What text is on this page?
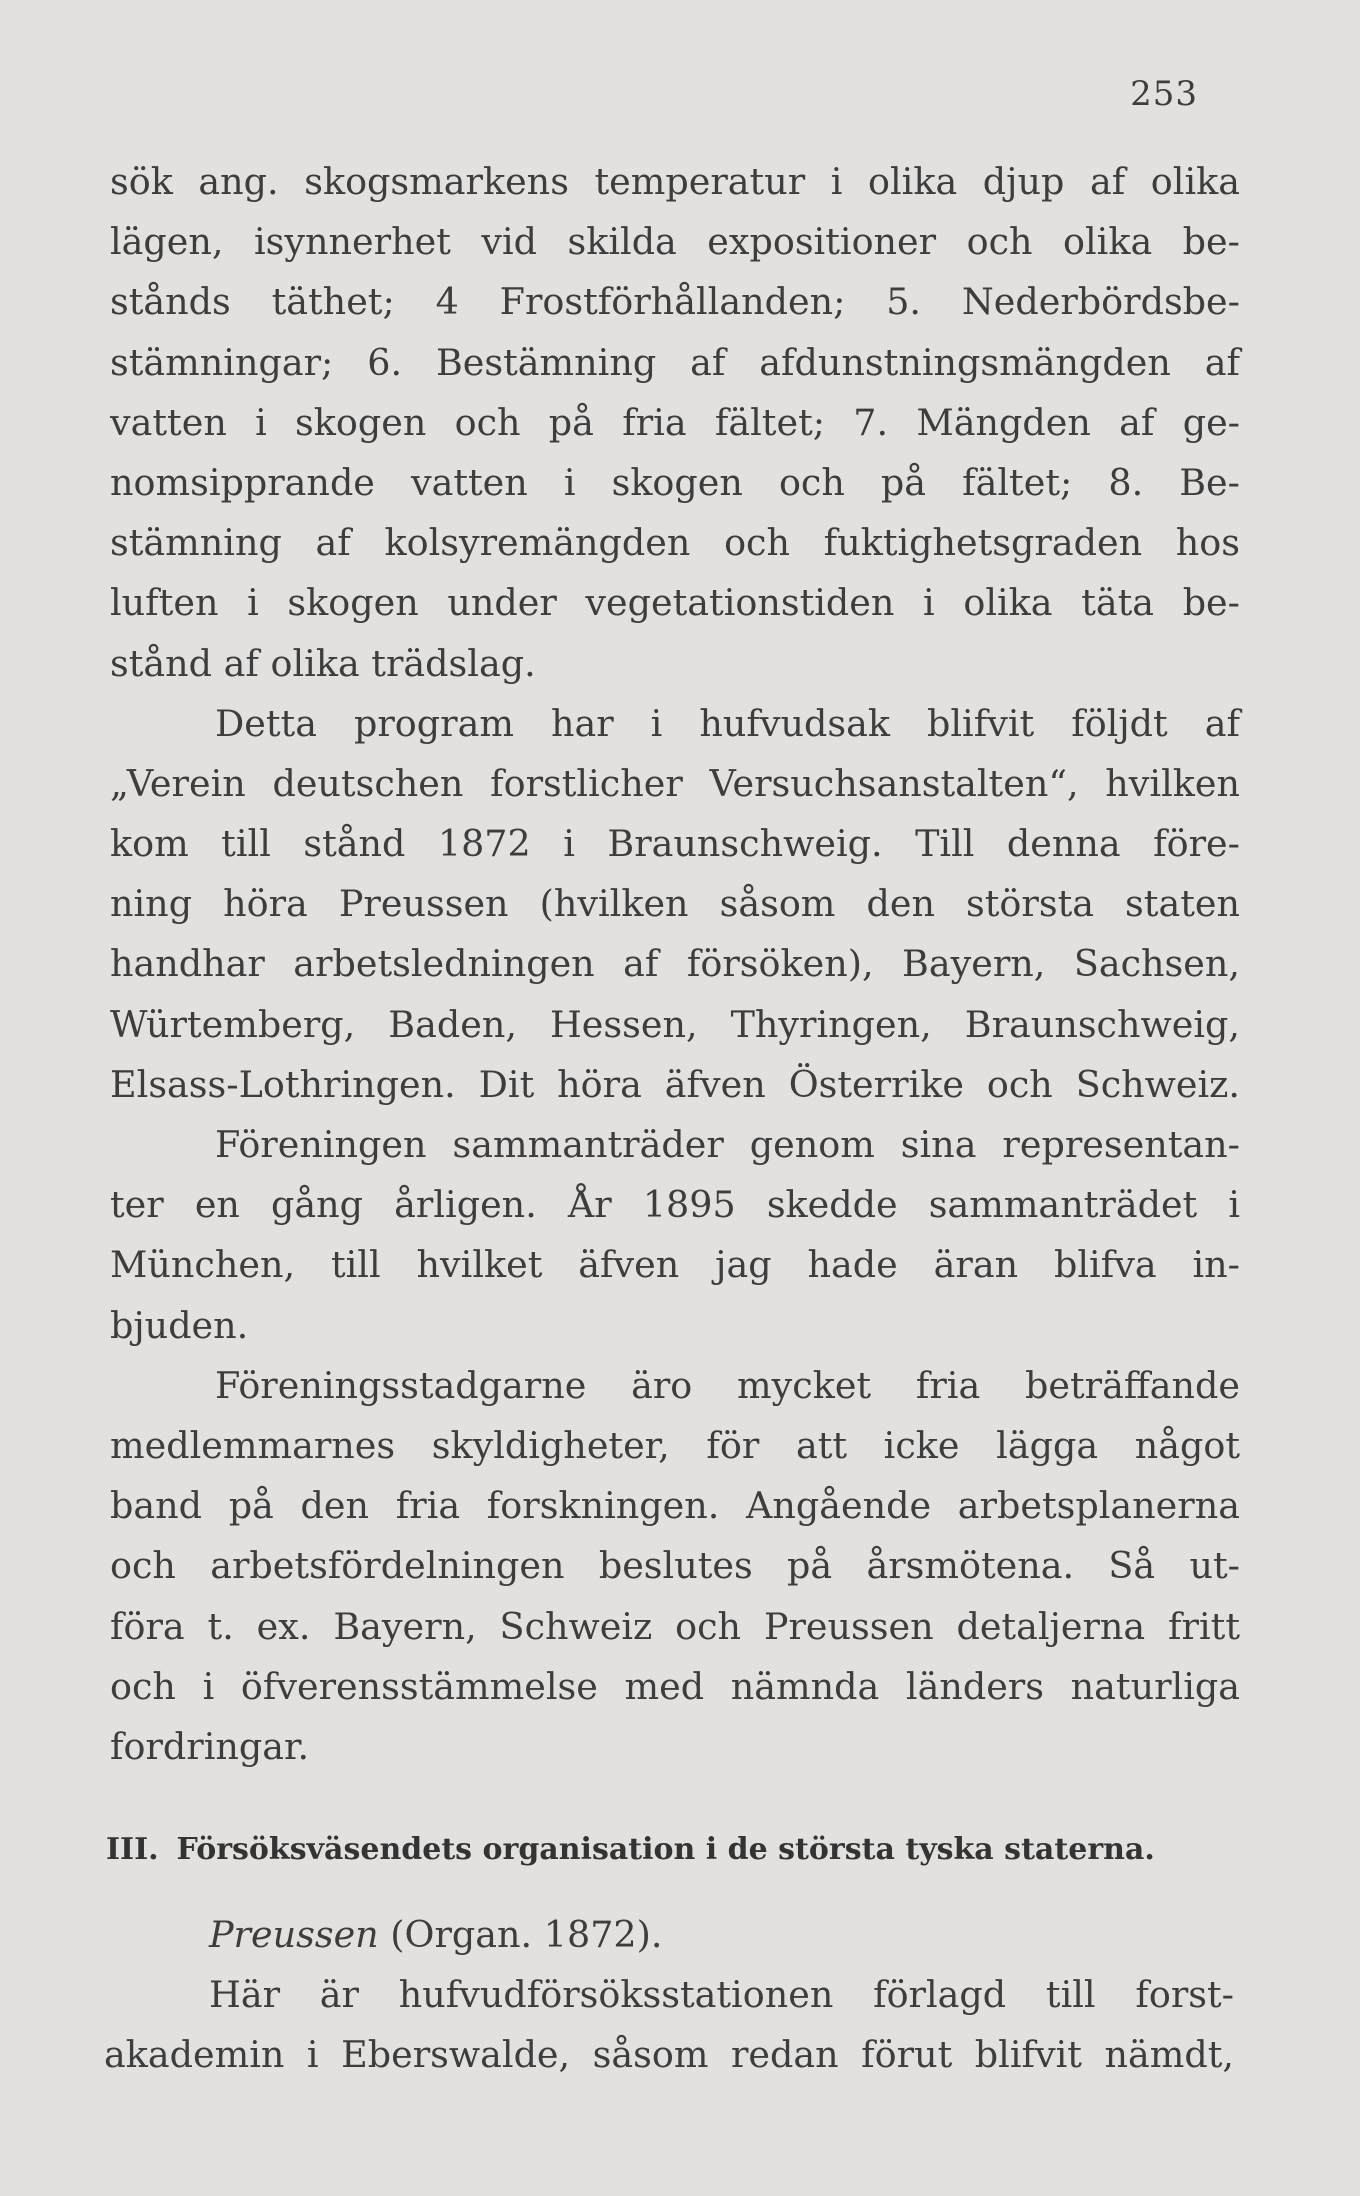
253
sök ang. skogsmarkens temperatur i olika djup af olika
lägen, isynnerhet vid skilda expositioner och olika be-
stånds täthet; 4 Frostförhållanden; 5. Nederbördsbe-
stämningar; 6. Bestämning af afdunstningsmängden af
vatten i skogen och på fria fältet; 7. Mängden af ge-
nomsipprande vatten i skogen och på fältet; 8. Be-
stämning af kolsyremängden och fuktighetsgraden hos
luften i skogen under vegetationstiden i olika täta be-
stånd af olika trädslag.
Detta program har i hufvudsak blifvit följdt af
„Verein deutschen forstlicher Versuchsanstalten“, hvilken
kom till stånd 1872 i Braunschweig. Till denna före-
ning höra Preussen (hvilken såsom den största staten
handhar arbetsledningen af försöken), Bayern, Sachsen,
Würtemberg, Baden, Hessen, Thyringen, Braunschweig,
Elsass-Lothringen. Dit höra äfven Österrike och Schweiz.
Föreningen sammanträder genom sina representan-
ter en gång årligen. År 1895 skedde sammanträdet i
München, till hvilket äfven jag hade äran blifva in-
bjuden.
Föreningsstadgarne äro mycket fria beträffande
medlemmarnes skyldigheter, för att icke lägga något
band på den fria forskningen. Angående arbetsplanerna
och arbetsfördelningen beslutes på årsmötena. Så ut-
föra t. ex. Bayern, Schweiz och Preussen detaljerna fritt
och i öfverensstämmelse med nämnda länders naturliga
fordringar.
III. Försöksväsendets organisation i de största tyska staterna.
Preussen (Organ. 1872).
Här är hufvudförsöksstationen förlagd till forst-
akademin i Eberswalde, såsom redan förut blifvit nämdt,
